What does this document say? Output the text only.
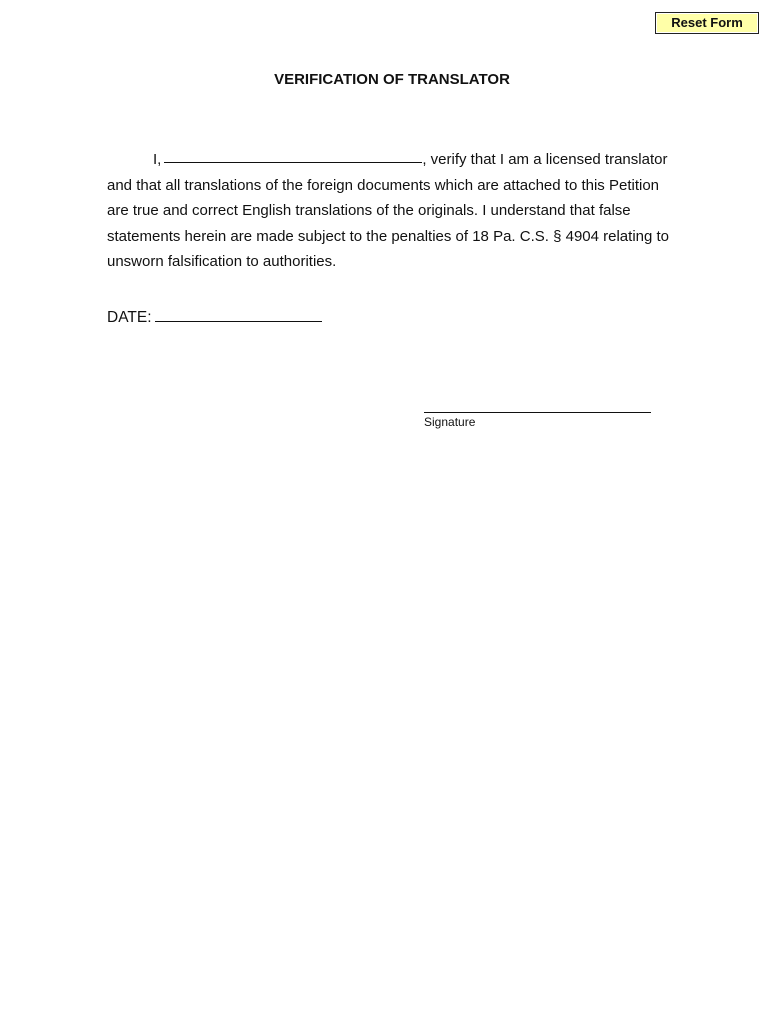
Reset Form
VERIFICATION OF TRANSLATOR
I,	, verify that I am a licensed translator
and that all translations of the foreign documents which are attached to this Petition
are true and correct English translations of the originals. I understand that false
statements herein are made subject to the penalties of 18 Pa. C.S. § 4904 relating to
unsworn falsification to authorities.
DATE:
Signature
